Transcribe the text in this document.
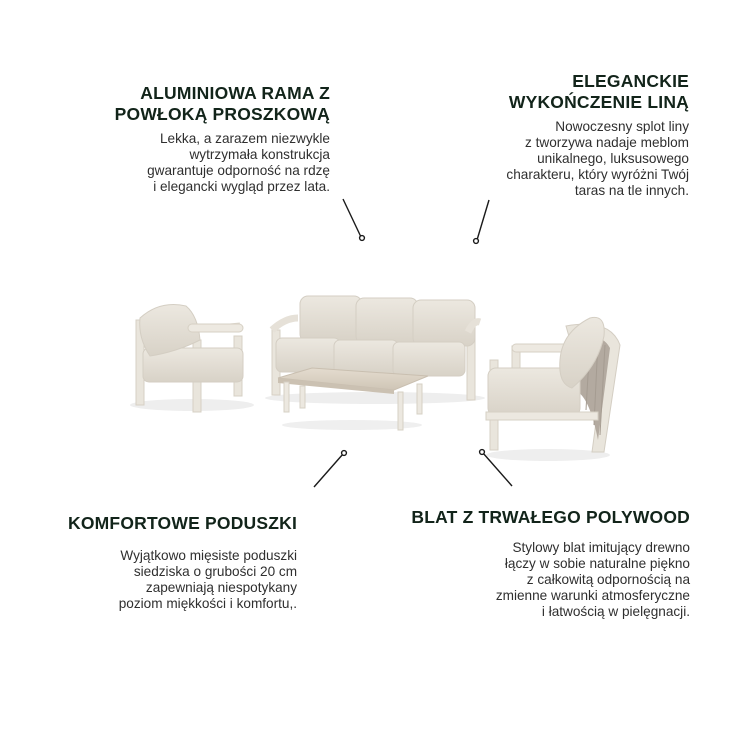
ALUMINIOWA RAMA Z
POWŁOKĄ PROSZKOWĄ
Lekka, a zarazem niezwykle
wytrzymała konstrukcja
gwarantuje odporność na rdzę
i elegancki wygląd przez lata.
ELEGANCKIE
WYKOŃCZENIE LINĄ
Nowoczesny splot liny
z tworzywa nadaje meblom
unikalnego, luksusowego
charakteru, który wyróżni Twój
taras na tle innych.
KOMFORTOWE PODUSZKI
Wyjątkowo mięsiste poduszki
siedziska o grubości 20 cm
zapewniają niespotykany
poziom miękkości i komfortu,.
BLAT Z TRWAŁEGO POLYWOOD
Stylowy blat imitujący drewno
łączy w sobie naturalne piękno
z całkowitą odpornością na
zmienne warunki atmosferyczne
i łatwością w pielęgnacji.
